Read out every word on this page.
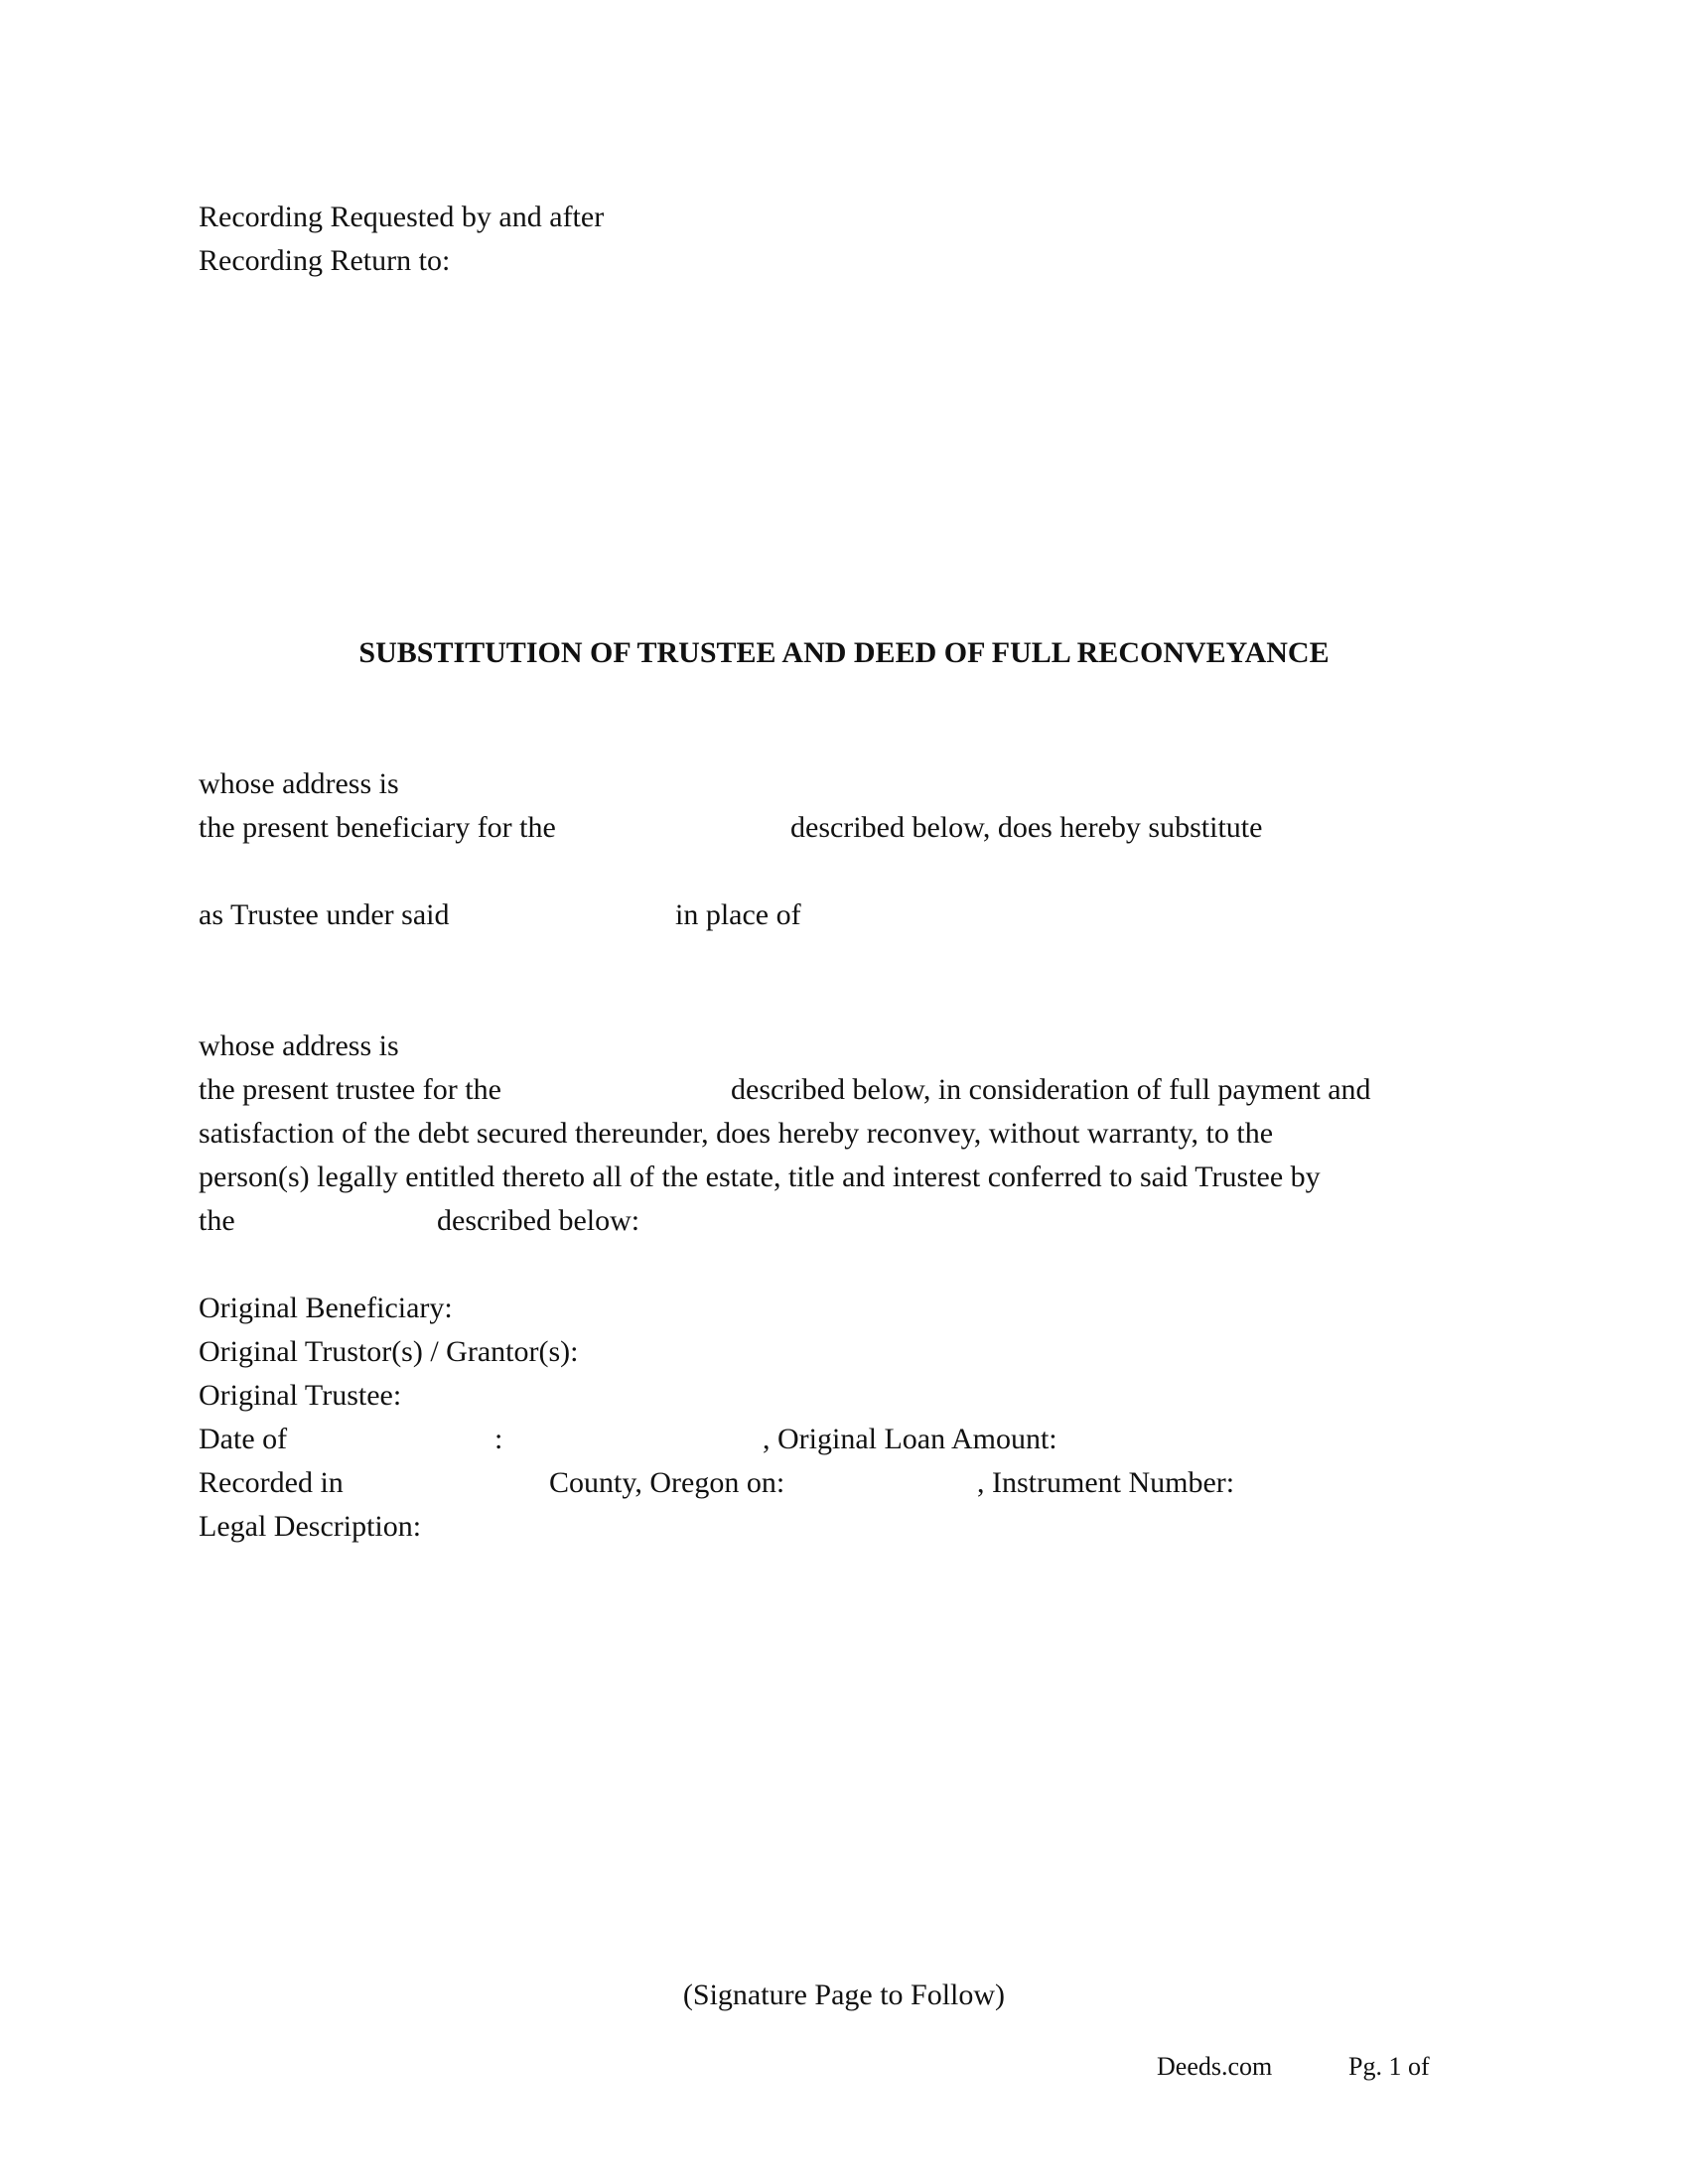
Recording Requested by and after

Recording Return to:

SUBSTITUTION OF TRUSTEE AND DEED OF FULL RECONVEYANCE

whose address is

the present beneficiary for the	described below, does hereby substitute

as Trustee under said	in place of

whose address is

the present trustee for the	described below, in consideration of full payment and

satisfaction of the debt secured thereunder, does hereby reconvey, without warranty, to the

person(s) legally entitled thereto all of the estate, title and interest conferred to said Trustee by

the	described below:

Original Beneficiary:

Original Trustor(s) / Grantor(s):

Original Trustee:

Date of	:	, Original Loan Amount:

Recorded in	County, Oregon on:	, Instrument Number:

Legal Description:

(Signature Page to Follow)

Deeds.com	Pg. 1 of
